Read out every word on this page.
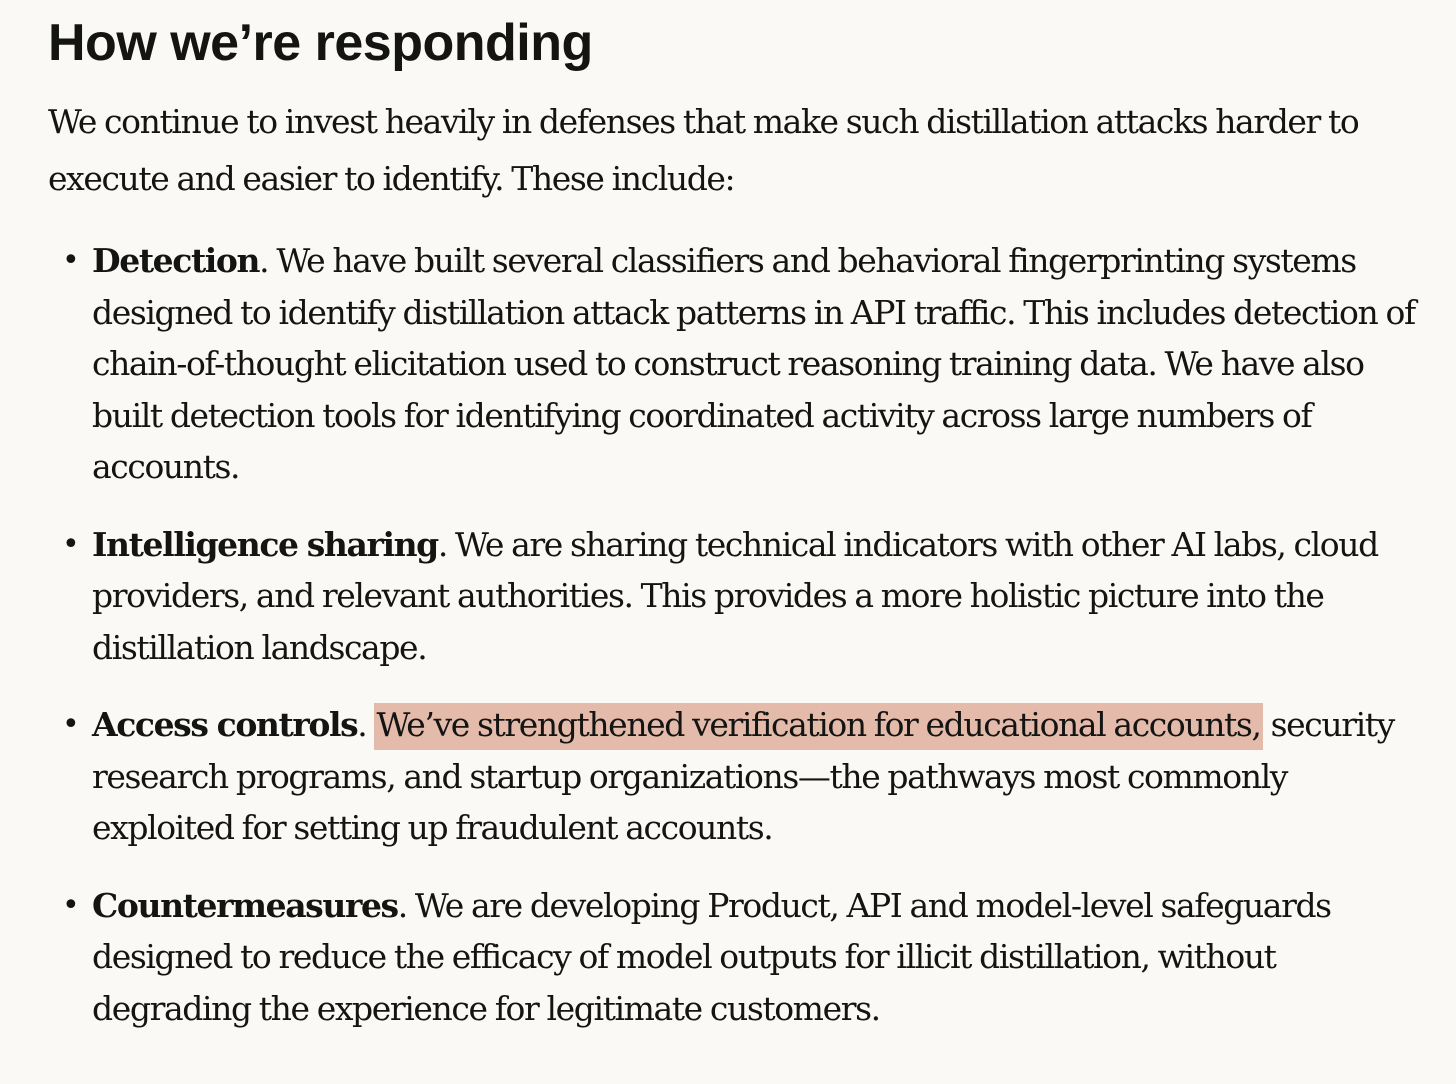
How we’re responding

We continue to invest heavily in defenses that make such distillation attacks harder to execute and easier to identify. These include:

• Detection. We have built several classifiers and behavioral fingerprinting systems designed to identify distillation attack patterns in API traffic. This includes detection of chain-of-thought elicitation used to construct reasoning training data. We have also built detection tools for identifying coordinated activity across large numbers of accounts.
• Intelligence sharing. We are sharing technical indicators with other AI labs, cloud providers, and relevant authorities. This provides a more holistic picture into the distillation landscape.
• Access controls. We’ve strengthened verification for educational accounts, security research programs, and startup organizations—the pathways most commonly exploited for setting up fraudulent accounts.
• Countermeasures. We are developing Product, API and model-level safeguards designed to reduce the efficacy of model outputs for illicit distillation, without degrading the experience for legitimate customers.
